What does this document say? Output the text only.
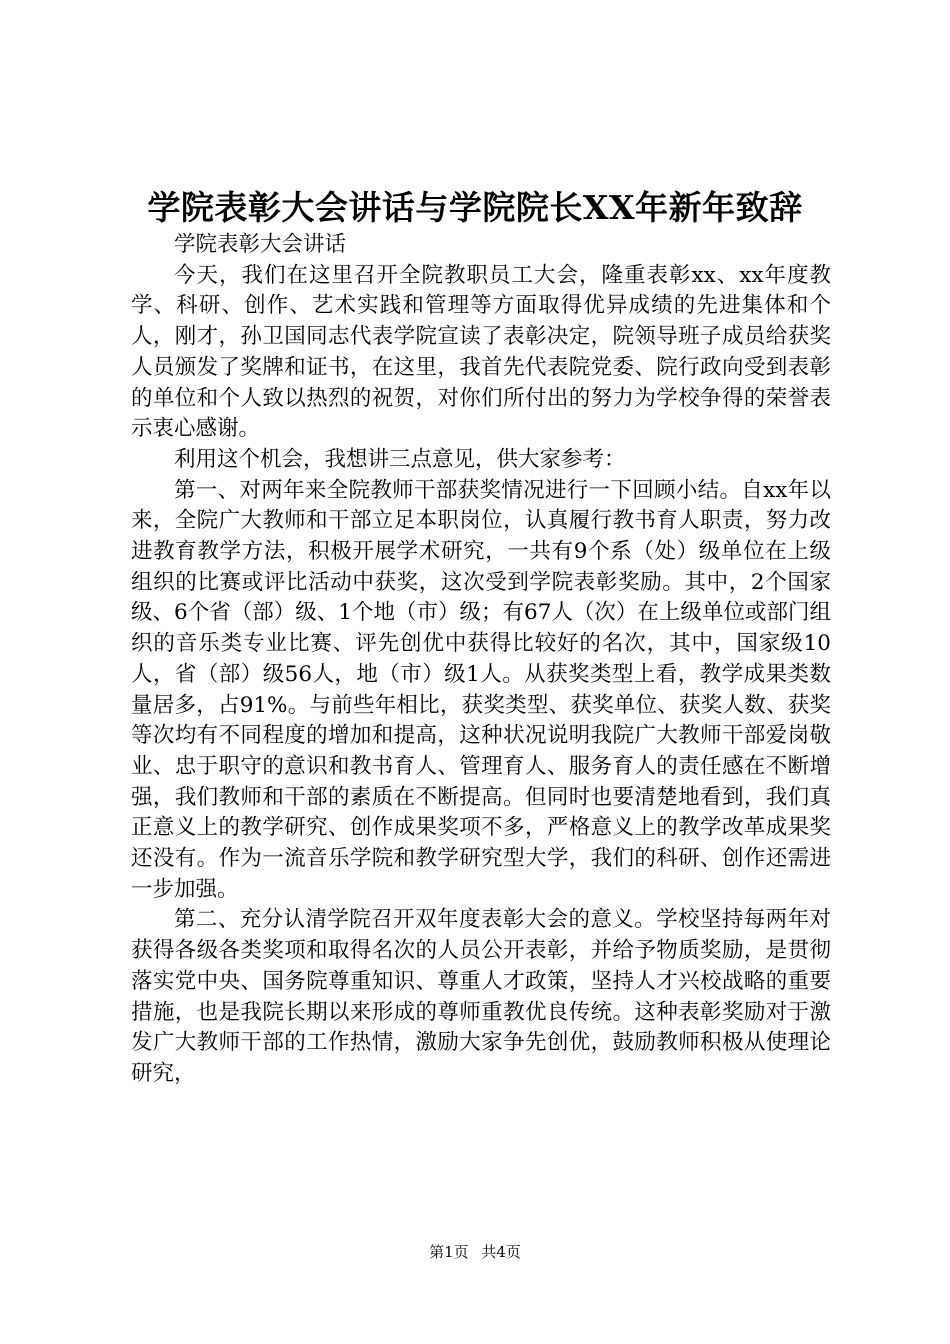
学院表彰大会讲话与学院院长XX年新年致辞

学院表彰大会讲话

今天，我们在这里召开全院教职员工大会，隆重表彰xx、xx年度教学、科研、创作、艺术实践和管理等方面取得优异成绩的先进集体和个人，刚才，孙卫国同志代表学院宣读了表彰决定，院领导班子成员给获奖人员颁发了奖牌和证书，在这里，我首先代表院党委、院行政向受到表彰的单位和个人致以热烈的祝贺，对你们所付出的努力为学校争得的荣誉表示衷心感谢。

利用这个机会，我想讲三点意见，供大家参考：

第一、对两年来全院教师干部获奖情况进行一下回顾小结。自xx年以来，全院广大教师和干部立足本职岗位，认真履行教书育人职责，努力改进教育教学方法，积极开展学术研究，一共有9个系（处）级单位在上级组织的比赛或评比活动中获奖，这次受到学院表彰奖励。其中，2个国家级、6个省（部）级、1个地（市）级；有67人（次）在上级单位或部门组织的音乐类专业比赛、评先创优中获得比较好的名次，其中，国家级10人，省（部）级56人，地（市）级1人。从获奖类型上看，教学成果类数量居多，占91%。与前些年相比，获奖类型、获奖单位、获奖人数、获奖等次均有不同程度的增加和提高，这种状况说明我院广大教师干部爱岗敬业、忠于职守的意识和教书育人、管理育人、服务育人的责任感在不断增强，我们教师和干部的素质在不断提高。但同时也要清楚地看到，我们真正意义上的教学研究、创作成果奖项不多，严格意义上的教学改革成果奖还没有。作为一流音乐学院和教学研究型大学，我们的科研、创作还需进一步加强。

第二、充分认清学院召开双年度表彰大会的意义。学校坚持每两年对获得各级各类奖项和取得名次的人员公开表彰，并给予物质奖励，是贯彻落实党中央、国务院尊重知识、尊重人才政策，坚持人才兴校战略的重要措施，也是我院长期以来形成的尊师重教优良传统。这种表彰奖励对于激发广大教师干部的工作热情，激励大家争先创优，鼓励教师积极从使理论研究，

第1页 共4页
